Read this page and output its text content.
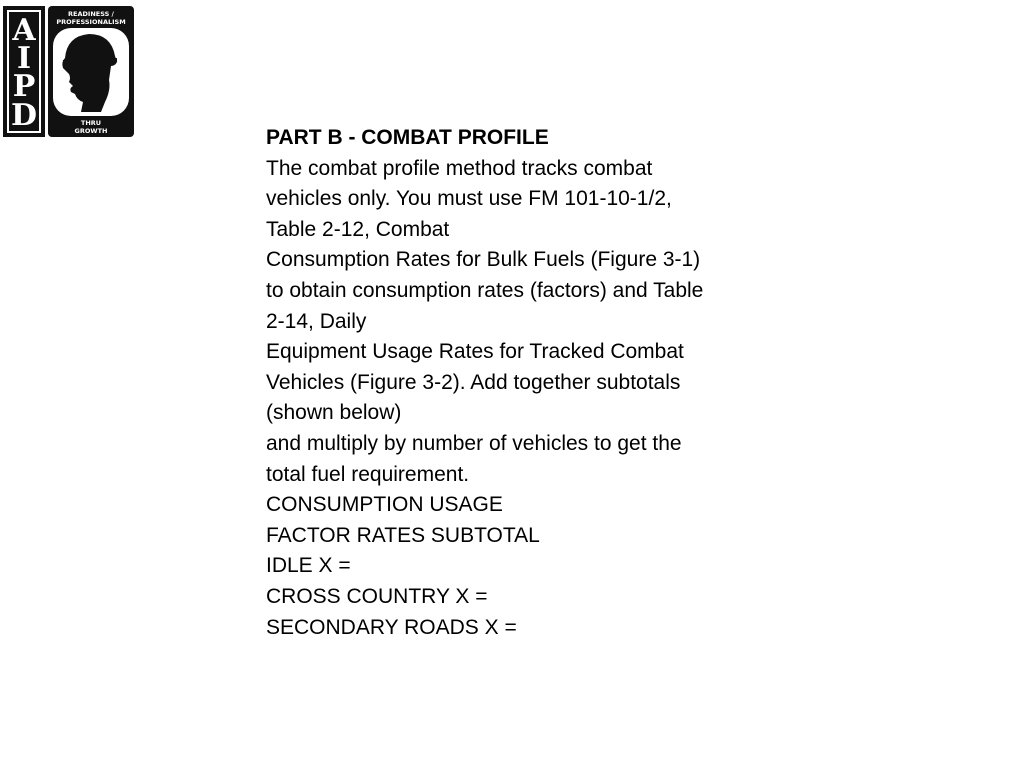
A
I
P
D
READINESS /
PROFESSIONALISM
THRU
GROWTH	PART B - COMBAT PROFILE
The combat profile method tracks combat
vehicles only. You must use FM 101-10-1/2,
Table 2-12, Combat
Consumption Rates for Bulk Fuels (Figure 3-1)
to obtain consumption rates (factors) and Table
2-14, Daily
Equipment Usage Rates for Tracked Combat
Vehicles (Figure 3-2). Add together subtotals
(shown below)
and multiply by number of vehicles to get the
total fuel requirement.
CONSUMPTION USAGE
FACTOR RATES SUBTOTAL
IDLE X =
CROSS COUNTRY X =
SECONDARY ROADS X =
